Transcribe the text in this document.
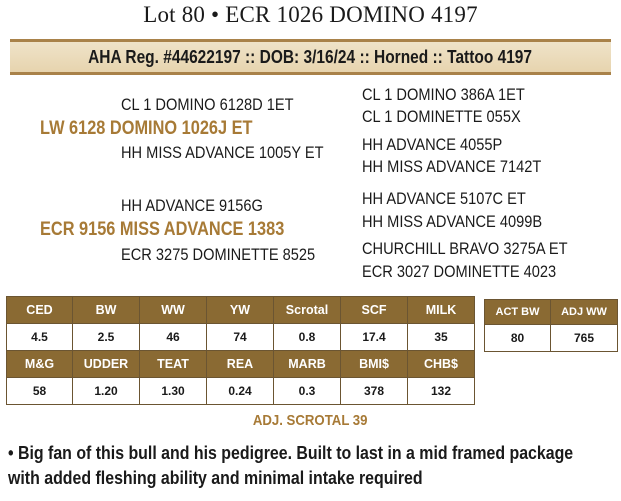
Lot 80 • ECR 1026 DOMINO 4197
AHA Reg. #44622197 :: DOB: 3/16/24 :: Horned :: Tattoo 4197
CL 1 DOMINO 6128D 1ET
LW 6128 DOMINO 1026J ET
HH MISS ADVANCE 1005Y ET
CL 1 DOMINO 386A 1ET
CL 1 DOMINETTE 055X
HH ADVANCE 4055P
HH MISS ADVANCE 7142T
HH ADVANCE 9156G
ECR 9156 MISS ADVANCE 1383
ECR 3275 DOMINETTE 8525
HH ADVANCE 5107C ET
HH MISS ADVANCE 4099B
CHURCHILL BRAVO 3275A ET
ECR 3027 DOMINETTE 4023
CED	BW	WW	YW	Scrotal	SCF	MILK
4.5	2.5	46	74	0.8	17.4	35
M&G	UDDER	TEAT	REA	MARB	BMI$	CHB$
58	1.20	1.30	0.24	0.3	378	132
ACT BW	ADJ WW
80	765
ADJ. SCROTAL 39
• Big fan of this bull and his pedigree. Built to last in a mid framed package
with added fleshing ability and minimal intake required
